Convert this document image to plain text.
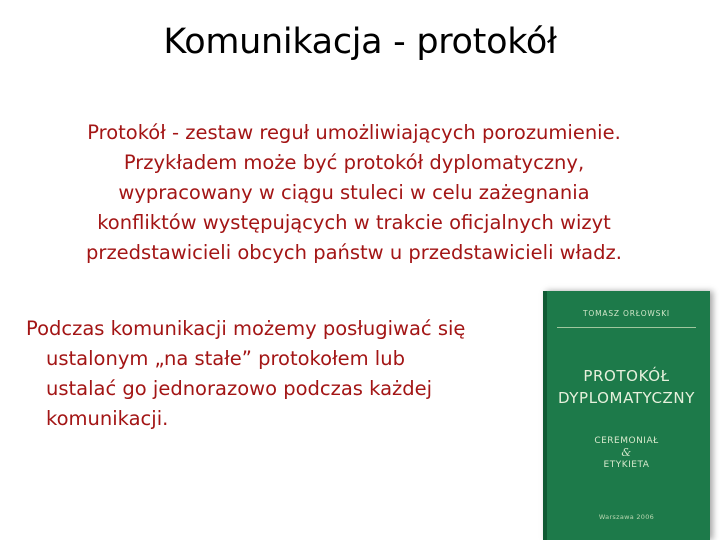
Komunikacja - protokół
Protokół - zestaw reguł umożliwiających porozumienie.
Przykładem może być protokół dyplomatyczny,
wypracowany w ciągu stuleci w celu zażegnania
konfliktów występujących w trakcie oficjalnych wizyt
przedstawicieli obcych państw u przedstawicieli władz.
Podczas komunikacji możemy posługiwać się
ustalonym „na stałe” protokołem lub
ustalać go jednorazowo podczas każdej
komunikacji.
TOMASZ ORŁOWSKI
PROTOKÓŁ
DYPLOMATYCZNY
CEREMONIAŁ
&
ETYKIETA
Warszawa 2006
